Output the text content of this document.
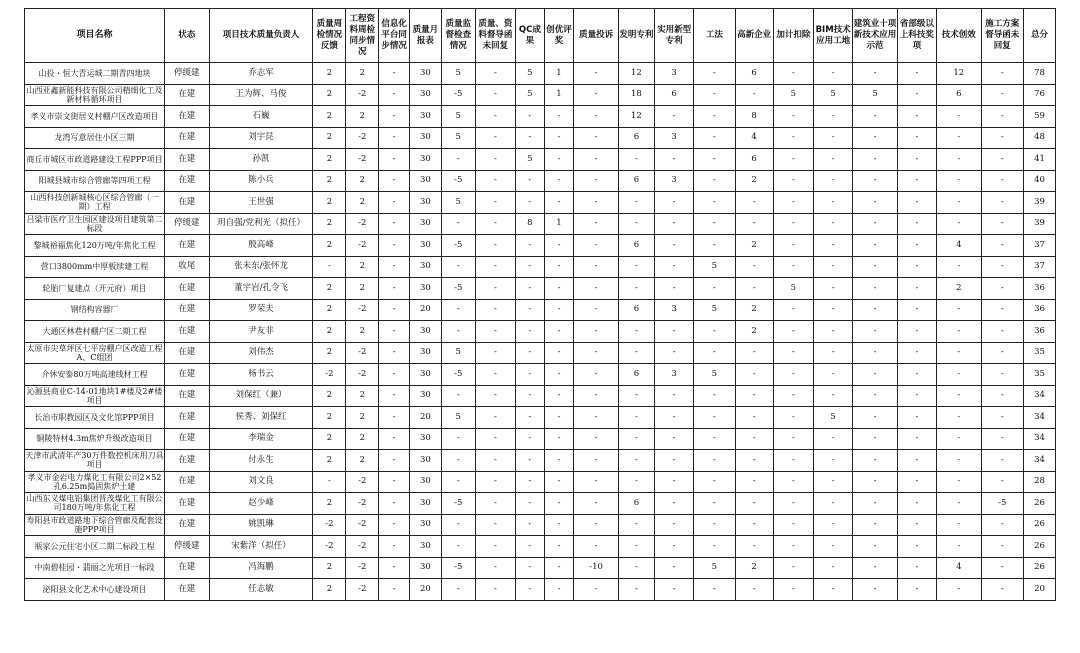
项目名称	状态	项目技术质量负责人	质量周检情况反馈	工程资料周检同步情况	信息化平台同步情况	质量月报表	质量监督检查情况	质量、资料督导函未回复	QC成果	创优评奖	质量投诉	发明专利	实用新型专利	工法	高新企业	加计扣除	BIM技术应用工地	建筑业十项新技术应用示范	省部级以上科技奖项	技术创效	施工方案督导函未回复	总分
山投・恒大青运城二期青四地块	停缓建	乔志军	2	2	-	30	5	-	5	1	-	12	3	-	6	-	-	-	-	12	-	78
山西亚鑫新能科技有限公司精细化工及新材料循环项目	在建	王为辉、马俊	2	-2	-	30	-5	-	5	1	-	18	6	-	-	5	5	5	-	6	-	76
孝义市崇文街居义村棚户区改造项目	在建	石巍	2	2	-	30	5	-	-	-	-	12	-	-	8	-	-	-	-	-	-	59
龙湾写意居住小区三期	在建	刘宇昆	2	-2	-	30	5	-	-	-	-	6	3	-	4	-	-	-	-	-	-	48
商丘市城区市政道路建设工程PPP项目	在建	孙凯	2	-2	-	30	-	-	5	-	-	-	-	-	6	-	-	-	-	-	-	41
阳城县城市综合管廊等四项工程	在建	陈小兵	2	2	-	30	-5	-	-	-	-	6	3	-	2	-	-	-	-	-	-	40
山西科技创新城核心区综合管廊（一期）工程	在建	王世强	2	2	-	30	5	-	-	-	-	-	-	-	-	-	-	-	-	-	-	39
吕梁市医疗卫生园区建设项目建筑第二标段	停缓建	玥自强/党利光（拟任）	2	-2	-	30	-	-	8	1	-	-	-	-	-	-	-	-	-	-	-	39
黎城裕福焦化120万吨/年焦化工程	在建	殷高峰	2	-2	-	30	-5	-	-	-	-	6	-	-	2	-	-	-	-	4	-	37
营口3800mm中厚板续建工程	收尾	张未东/张怀龙	-	2	-	30	-	-	-	-	-	-	-	5	-	-	-	-	-	-	-	37
轮胎厂复建点（开元府）项目	在建	董宇岩/孔令飞	2	2	-	30	-5	-	-	-	-	-	-	-	-	5	-	-	-	2	-	36
钢结构容器厂	在建	罗荣夫	2	-2	-	20	-	-	-	-	-	6	3	5	2	-	-	-	-	-	-	36
大通区林巷村棚户区二期工程	在建	尹友非	2	2	-	30	-	-	-	-	-	-	-	-	2	-	-	-	-	-	-	36
太原市尖草坪区七平房棚户区改造工程A、C组团	在建	刘伟杰	2	-2	-	30	5	-	-	-	-	-	-	-	-	-	-	-	-	-	-	35
介休安泰80万吨高速线材工程	在建	杨书云	-2	-2	-	30	-5	-	-	-	-	6	3	5	-	-	-	-	-	-	-	35
沁源县商业C-14-01地块1#楼及2#楼项目	在建	刘保红（兼）	2	2	-	30	-	-	-	-	-	-	-	-	-	-	-	-	-	-	-	34
长治市职教园区及文化馆PPP项目	在建	侯秀、刘保红	2	2	-	20	5	-	-	-	-	-	-	-	-	-	5	-	-	-	-	34
铜陵特材4.3m焦炉升级改造项目	在建	李瑞金	2	2	-	30	-	-	-	-	-	-	-	-	-	-	-	-	-	-	-	34
天津市武清年产30万件数控机床用刀具项目	在建	付永生	2	2	-	30	-	-	-	-	-	-	-	-	-	-	-	-	-	-	-	34
孝义市金岩电力煤化工有限公司2×52孔6.25m捣固焦炉土建	在建	刘文良	-	-2	-	30	-	-	-	-	-	-	-	-	-	-	-	-	-	-	-	28
山西东义煤电铝集团晋茂煤化工有限公司180万吨/年焦化工程	在建	赵少峰	2	-2	-	30	-5	-	-	-	-	6	-	-	-	-	-	-	-	-	-5	26
寿阳县市政道路地下综合管廊及配套设施PPP项目	在建	姚凯琳	-2	-2	-	30	-	-	-	-	-	-	-	-	-	-	-	-	-	-	-	26
瓶家公元住宅小区二期二标段工程	停缓建	宋紫洋（拟任）	-2	-2	-	30	-	-	-	-	-	-	-	-	-	-	-	-	-	-	-	26
中南碧桂园・翡丽之光项目一标段	在建	冯海鹏	2	-2	-	30	-5	-	-	-	-10	-	-	5	2	-	-	-	-	4	-	26
泌阳县文化艺术中心建设项目	在建	任志敏	2	-2	-	20	-	-	-	-	-	-	-	-	-	-	-	-	-	-	-	20
